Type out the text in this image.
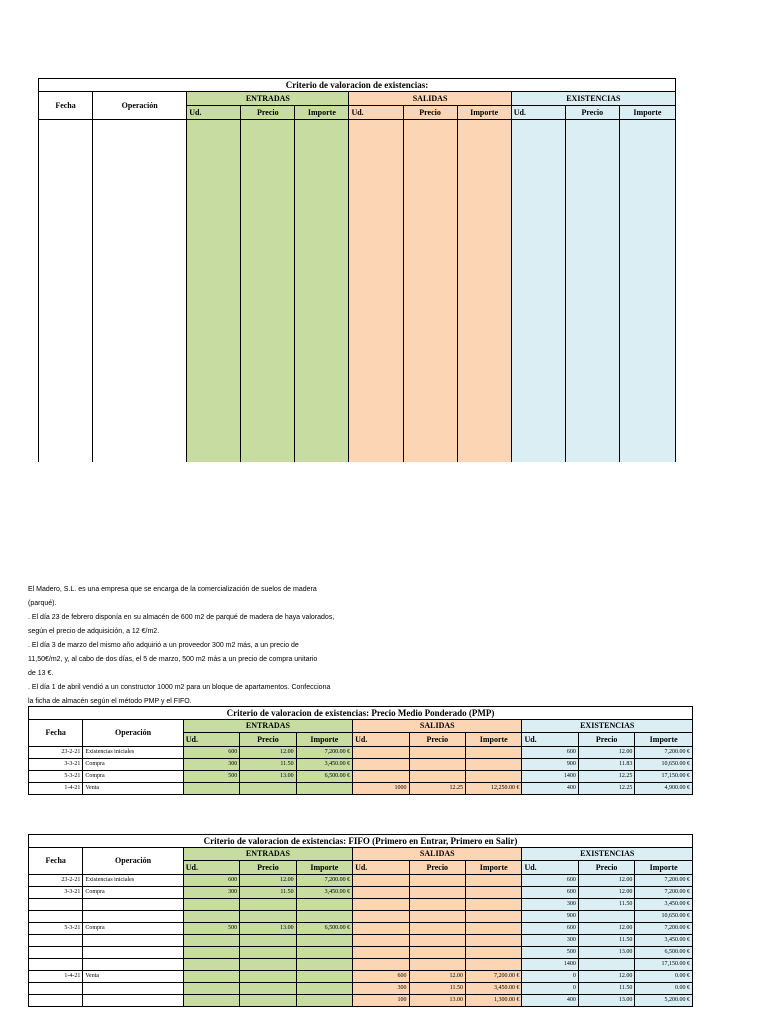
Criterio de valoracion de existencias:										
Fecha	Operación	ENTRADAS			SALIDAS			EXISTENCIAS		
		Ud.	Precio	Importe	Ud.	Precio	Importe	Ud.	Precio	Importe

El Madero, S.L. es una empresa que se encarga de la comercialización de suelos de madera
(parqué).
. El día 23 de febrero disponía en su almacén de 600 m2 de parqué de madera de haya valorados,
según el precio de adquisición, a 12 €/m2.
. El día 3 de marzo del mismo año adquirió a un proveedor 300 m2 más, a un precio de
11,50€/m2, y, al cabo de dos días, el 5 de marzo, 500 m2 más a un precio de compra unitario
de 13 €.
. El día 1 de abril vendió a un constructor 1000 m2 para un bloque de apartamentos. Confecciona
la ficha de almacén según el método PMP y el FIFO.
Criterio de valoracion de existencias: Precio Medio Ponderado (PMP)										
Fecha	Operación	ENTRADAS			SALIDAS			EXISTENCIAS		
		Ud.	Precio	Importe	Ud.	Precio	Importe	Ud.	Precio	Importe
23-2-21	Existencias iniciales	600	12.00	7,200.00 €				600	12.00	7,200.00 €
3-3-21	Compra	300	11.50	3,450.00 €				900	11.83	10,650.00 €
5-3-21	Compra	500	13.00	6,500.00 €				1400	12.25	17,150.00 €
1-4-21	Venta				1000	12.25	12,250.00 €	400	12.25	4,900.00 €
Criterio de valoracion de existencias: FIFO (Primero en Entrar, Primero en Salir)										
Fecha	Operación	ENTRADAS			SALIDAS			EXISTENCIAS		
		Ud.	Precio	Importe	Ud.	Precio	Importe	Ud.	Precio	Importe
23-2-21	Existencias iniciales	600	12.00	7,200.00 €				600	12.00	7,200.00 €
3-3-21	Compra	300	11.50	3,450.00 €				600	12.00	7,200.00 €
								300	11.50	3,450.00 €
								900		10,650.00 €
5-3-21	Compra	500	13.00	6,500.00 €				600	12.00	7,200.00 €
								300	11.50	3,450.00 €
								500	13.00	6,500.00 €
								1400		17,150.00 €
1-4-21	Venta				600	12.00	7,200.00 €	0	12.00	0.00 €
					300	11.50	3,450.00 €	0	11.50	0.00 €
					100	13.00	1,300.00 €	400	13.00	5,200.00 €
